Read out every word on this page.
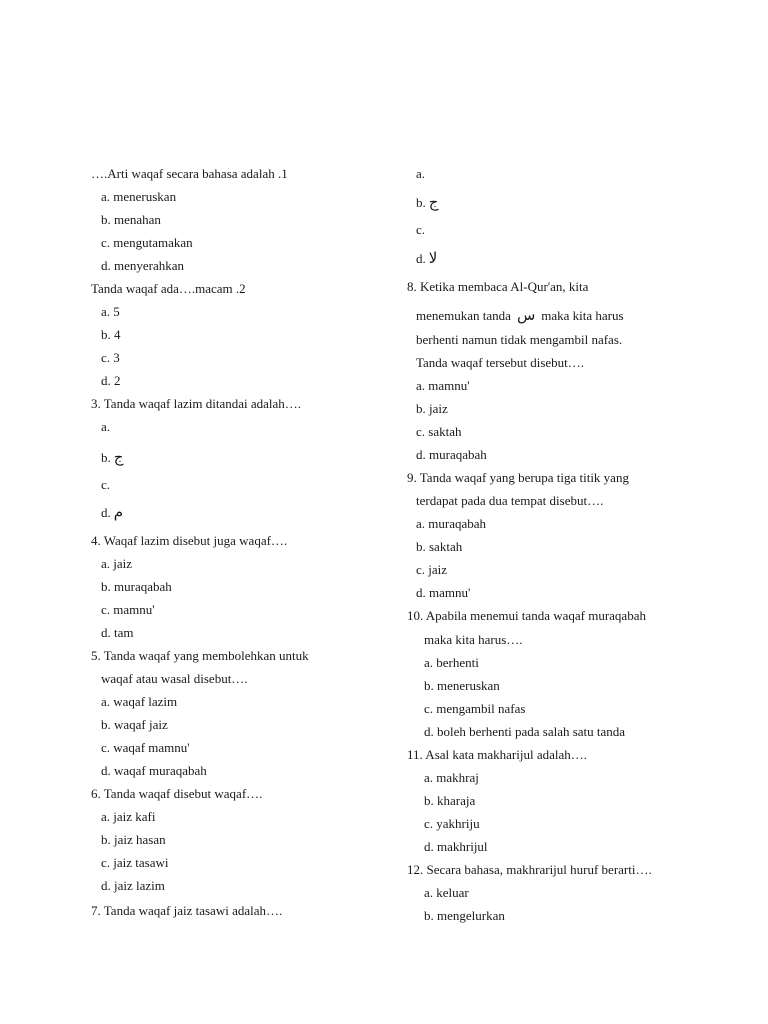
….Arti waqaf secara bahasa adalah .1
a. meneruskan
b. menahan
c. mengutamakan
d. menyerahkan
Tanda waqaf ada….macam .2
a. 5
b. 4
c. 3
d. 2
3. Tanda waqaf lazim ditandai adalah….
a.
b. ج
c.
d. م
4. Waqaf lazim disebut juga waqaf….
a. jaiz
b. muraqabah
c. mamnu'
d. tam
5. Tanda waqaf yang membolehkan untuk
waqaf atau wasal disebut….
a. waqaf lazim
b. waqaf jaiz
c. waqaf mamnu'
d. waqaf muraqabah
6. Tanda waqaf disebut waqaf….
a. jaiz kafi
b. jaiz hasan
c. jaiz tasawi
d. jaiz lazim
7. Tanda waqaf jaiz tasawi adalah….
a.
b. ج
c.
d. لا
8. Ketika membaca Al-Qur'an, kita
menemukan tanda س maka kita harus
berhenti namun tidak mengambil nafas.
Tanda waqaf tersebut disebut….
a. mamnu'
b. jaiz
c. saktah
d. muraqabah
9. Tanda waqaf yang berupa tiga titik yang
terdapat pada dua tempat disebut….
a. muraqabah
b. saktah
c. jaiz
d. mamnu'
10. Apabila menemui tanda waqaf muraqabah
maka kita harus….
a. berhenti
b. meneruskan
c. mengambil nafas
d. boleh berhenti pada salah satu tanda
11. Asal kata makharijul adalah….
a. makhraj
b. kharaja
c. yakhriju
d. makhrijul
12. Secara bahasa, makhrarijul huruf berarti….
a. keluar
b. mengelurkan
